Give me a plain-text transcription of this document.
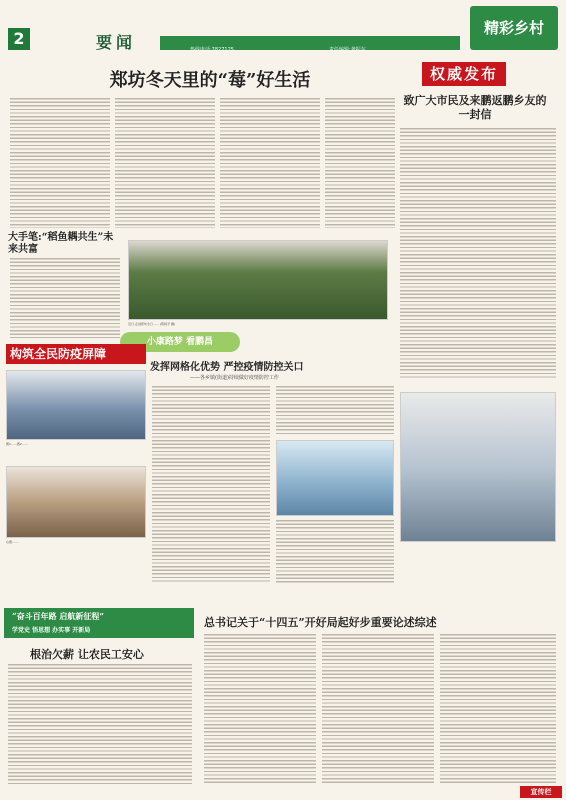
2	要闻	热线电话:7827125	责任编辑:龚振东
精彩乡村
郑坊冬天里的“莓”好生活
大手笔:“稻鱼耦共生”未来共富
近日,走进郑坊冬日…… (陈杨平 摄)
小康路梦 看鹏昌
权威发布
致广大市民及来鹏返鹏乡友的一封信
构筑全民防疫屏障
发挥网格化优势 严控疫情防控关口
——各乡镇(街道)持续做好疫情防控工作
图1……图2……
右图:……
“奋斗百年路 启航新征程”
学党史 悟思想 办实事 开新局
根治欠薪 让农民工安心
总书记关于“十四五”开好局起好步重要论述综述
宣传栏
